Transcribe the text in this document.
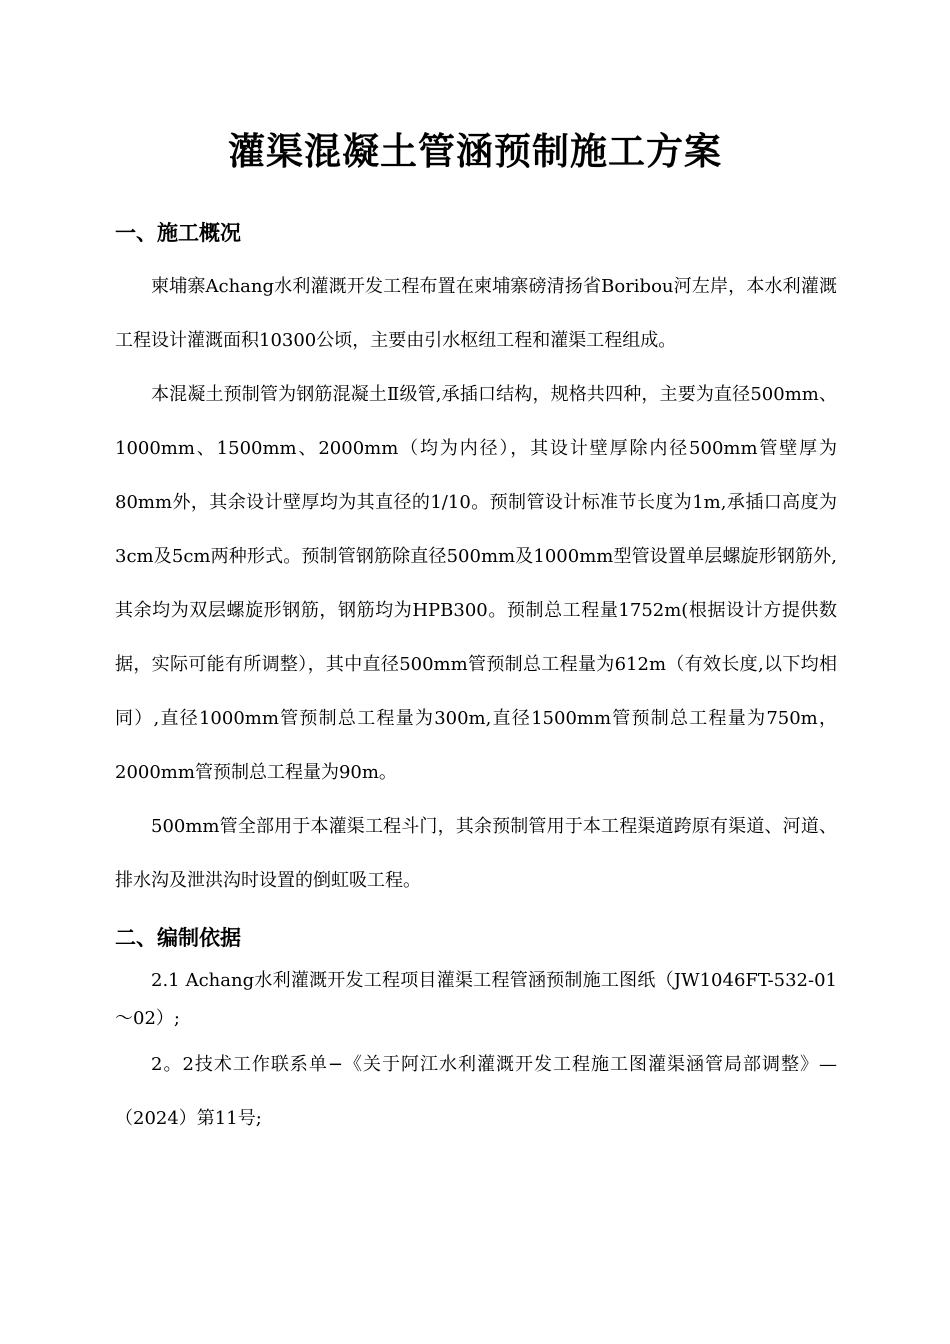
灌渠混凝土管涵预制施工方案
一、施工概况

柬埔寨Achang水利灌溉开发工程布置在柬埔寨磅清扬省Boribou河左岸，本水利灌溉工程设计灌溉面积10300公顷，主要由引水枢纽工程和灌渠工程组成。

本混凝土预制管为钢筋混凝土Ⅱ级管,承插口结构，规格共四种，主要为直径500mm、1000mm、1500mm、2000mm（均为内径），其设计壁厚除内径500mm管壁厚为80mm外，其余设计壁厚均为其直径的1/10。预制管设计标准节长度为1m,承插口高度为3cm及5cm两种形式。预制管钢筋除直径500mm及1000mm型管设置单层螺旋形钢筋外,其余均为双层螺旋形钢筋，钢筋均为HPB300。预制总工程量1752m(根据设计方提供数据，实际可能有所调整），其中直径500mm管预制总工程量为612m（有效长度,以下均相同）,直径1000mm管预制总工程量为300m,直径1500mm管预制总工程量为750m，2000mm管预制总工程量为90m。

500mm管全部用于本灌渠工程斗门，其余预制管用于本工程渠道跨原有渠道、河道、排水沟及泄洪沟时设置的倒虹吸工程。

二、编制依据

2.1 Achang水利灌溉开发工程项目灌渠工程管涵预制施工图纸（JW1046FT-532-01～02）;

2。2技术工作联系单−《关于阿江水利灌溉开发工程施工图灌渠涵管局部调整》—（2024）第11号;
